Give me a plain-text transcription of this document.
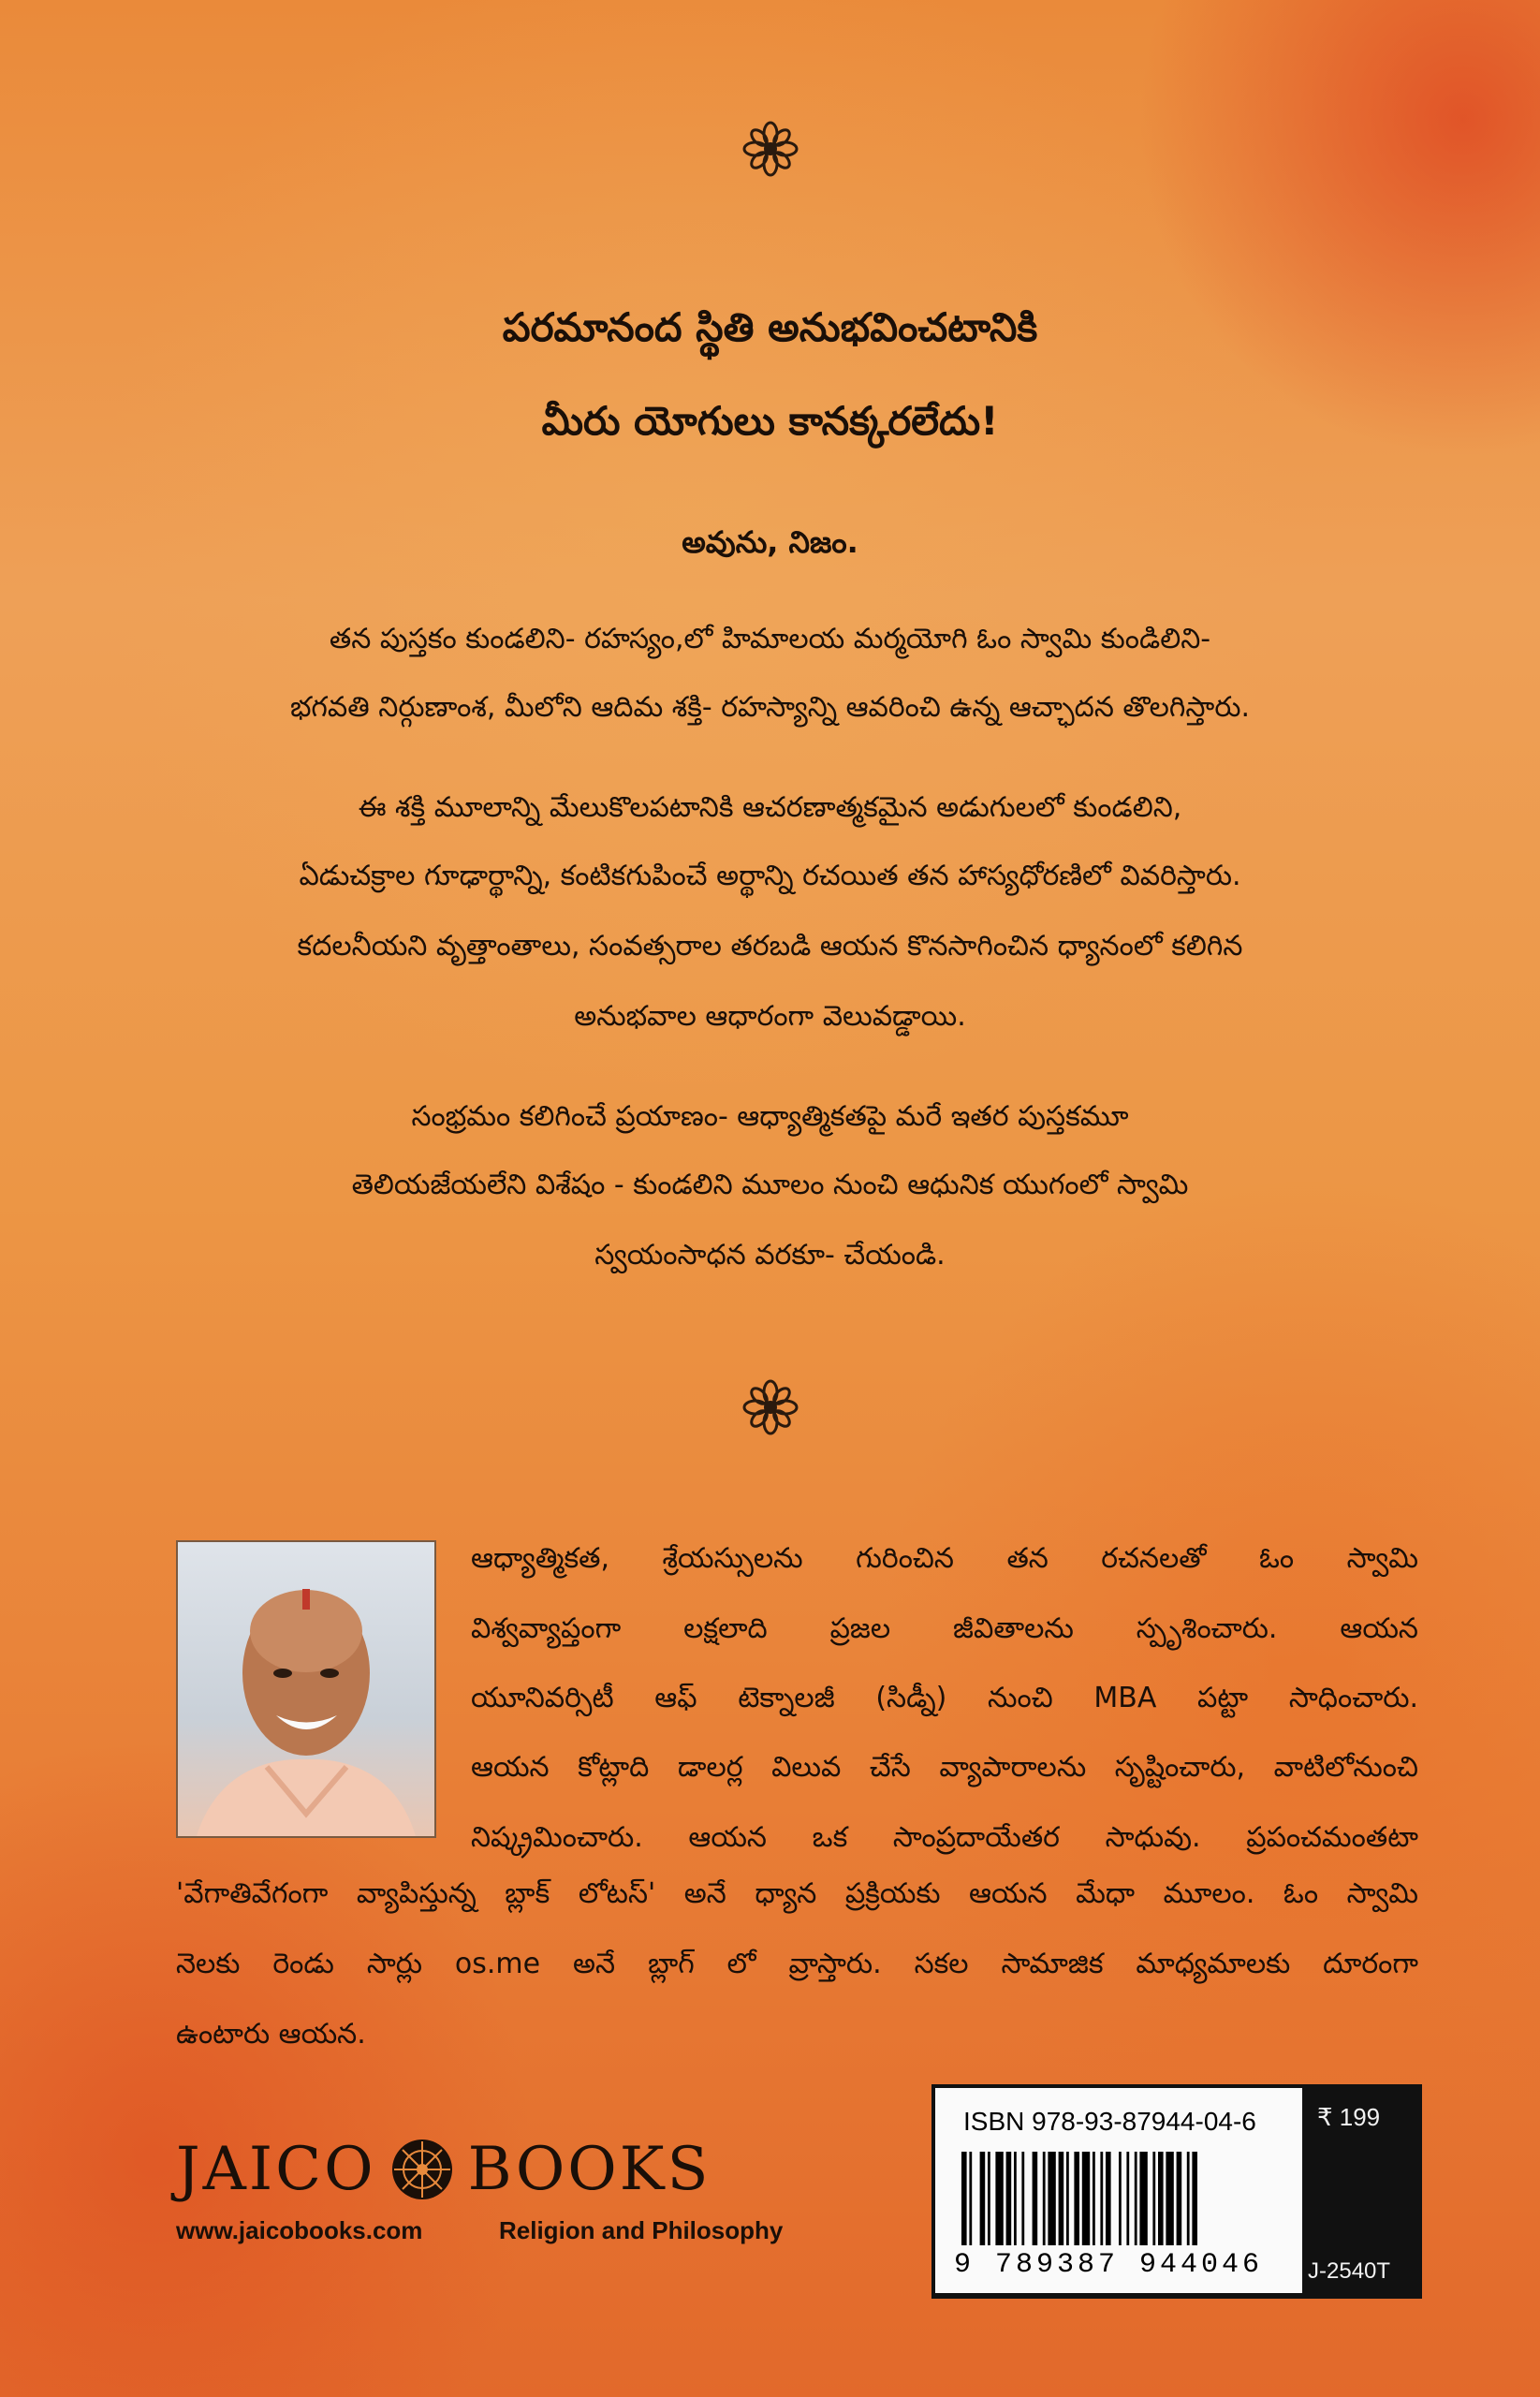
పరమానంద స్థితి అనుభవించటానికి
మీరు యోగులు కానక్కరలేదు!
అవును, నిజం.
తన పుస్తకం కుండలిని- రహస్యం,లో హిమాలయ మర్మయోగి ఓం స్వామి కుండిలిని-
భగవతి నిర్గుణాంశ, మీలోని ఆదిమ శక్తి- రహస్యాన్ని ఆవరించి ఉన్న ఆచ్ఛాదన తొలగిస్తారు.
ఈ శక్తి మూలాన్ని మేలుకొలపటానికి ఆచరణాత్మకమైన అడుగులలో కుండలిని,
ఏడుచక్రాల గూఢార్థాన్ని, కంటికగుపించే అర్థాన్ని రచయిత తన హాస్యధోరణిలో వివరిస్తారు.
కదలనీయని వృత్తాంతాలు, సంవత్సరాల తరబడి ఆయన కొనసాగించిన ధ్యానంలో కలిగిన
అనుభవాల ఆధారంగా వెలువడ్డాయి.
సంభ్రమం కలిగించే ప్రయాణం- ఆధ్యాత్మికతపై మరే ఇతర పుస్తకమూ
తెలియజేయలేని విశేషం - కుండలిని మూలం నుంచి ఆధునిక యుగంలో స్వామి
స్వయంసాధన వరకూ- చేయండి.
ఆధ్యాత్మికత, శ్రేయస్సులను గురించిన తన రచనలతో ఓం స్వామి
విశ్వవ్యాప్తంగా లక్షలాది ప్రజల జీవితాలను స్పృశించారు. ఆయన
యూనివర్సిటీ ఆఫ్ టెక్నాలజీ (సిడ్నీ) నుంచి MBA పట్టా సాధించారు.
ఆయన కోట్లాది డాలర్ల విలువ చేసే వ్యాపారాలను సృష్టించారు, వాటిలోనుంచి
నిష్క్రమించారు. ఆయన ఒక సాంప్రదాయేతర సాధువు. ప్రపంచమంతటా
'వేగాతివేగంగా వ్యాపిస్తున్న బ్లాక్ లోటస్' అనే ధ్యాన ప్రక్రియకు ఆయన మేధా మూలం. ఓం స్వామి
నెలకు రెండు సార్లు os.me అనే బ్లాగ్ లో వ్రాస్తారు. సకల సామాజిక మాధ్యమాలకు దూరంగా
ఉంటారు ఆయన.
JAICO BOOKS
www.jaicobooks.com	Religion and Philosophy
ISBN 978-93-87944-04-6
9 789387 944046
₹ 199
J-2540T
